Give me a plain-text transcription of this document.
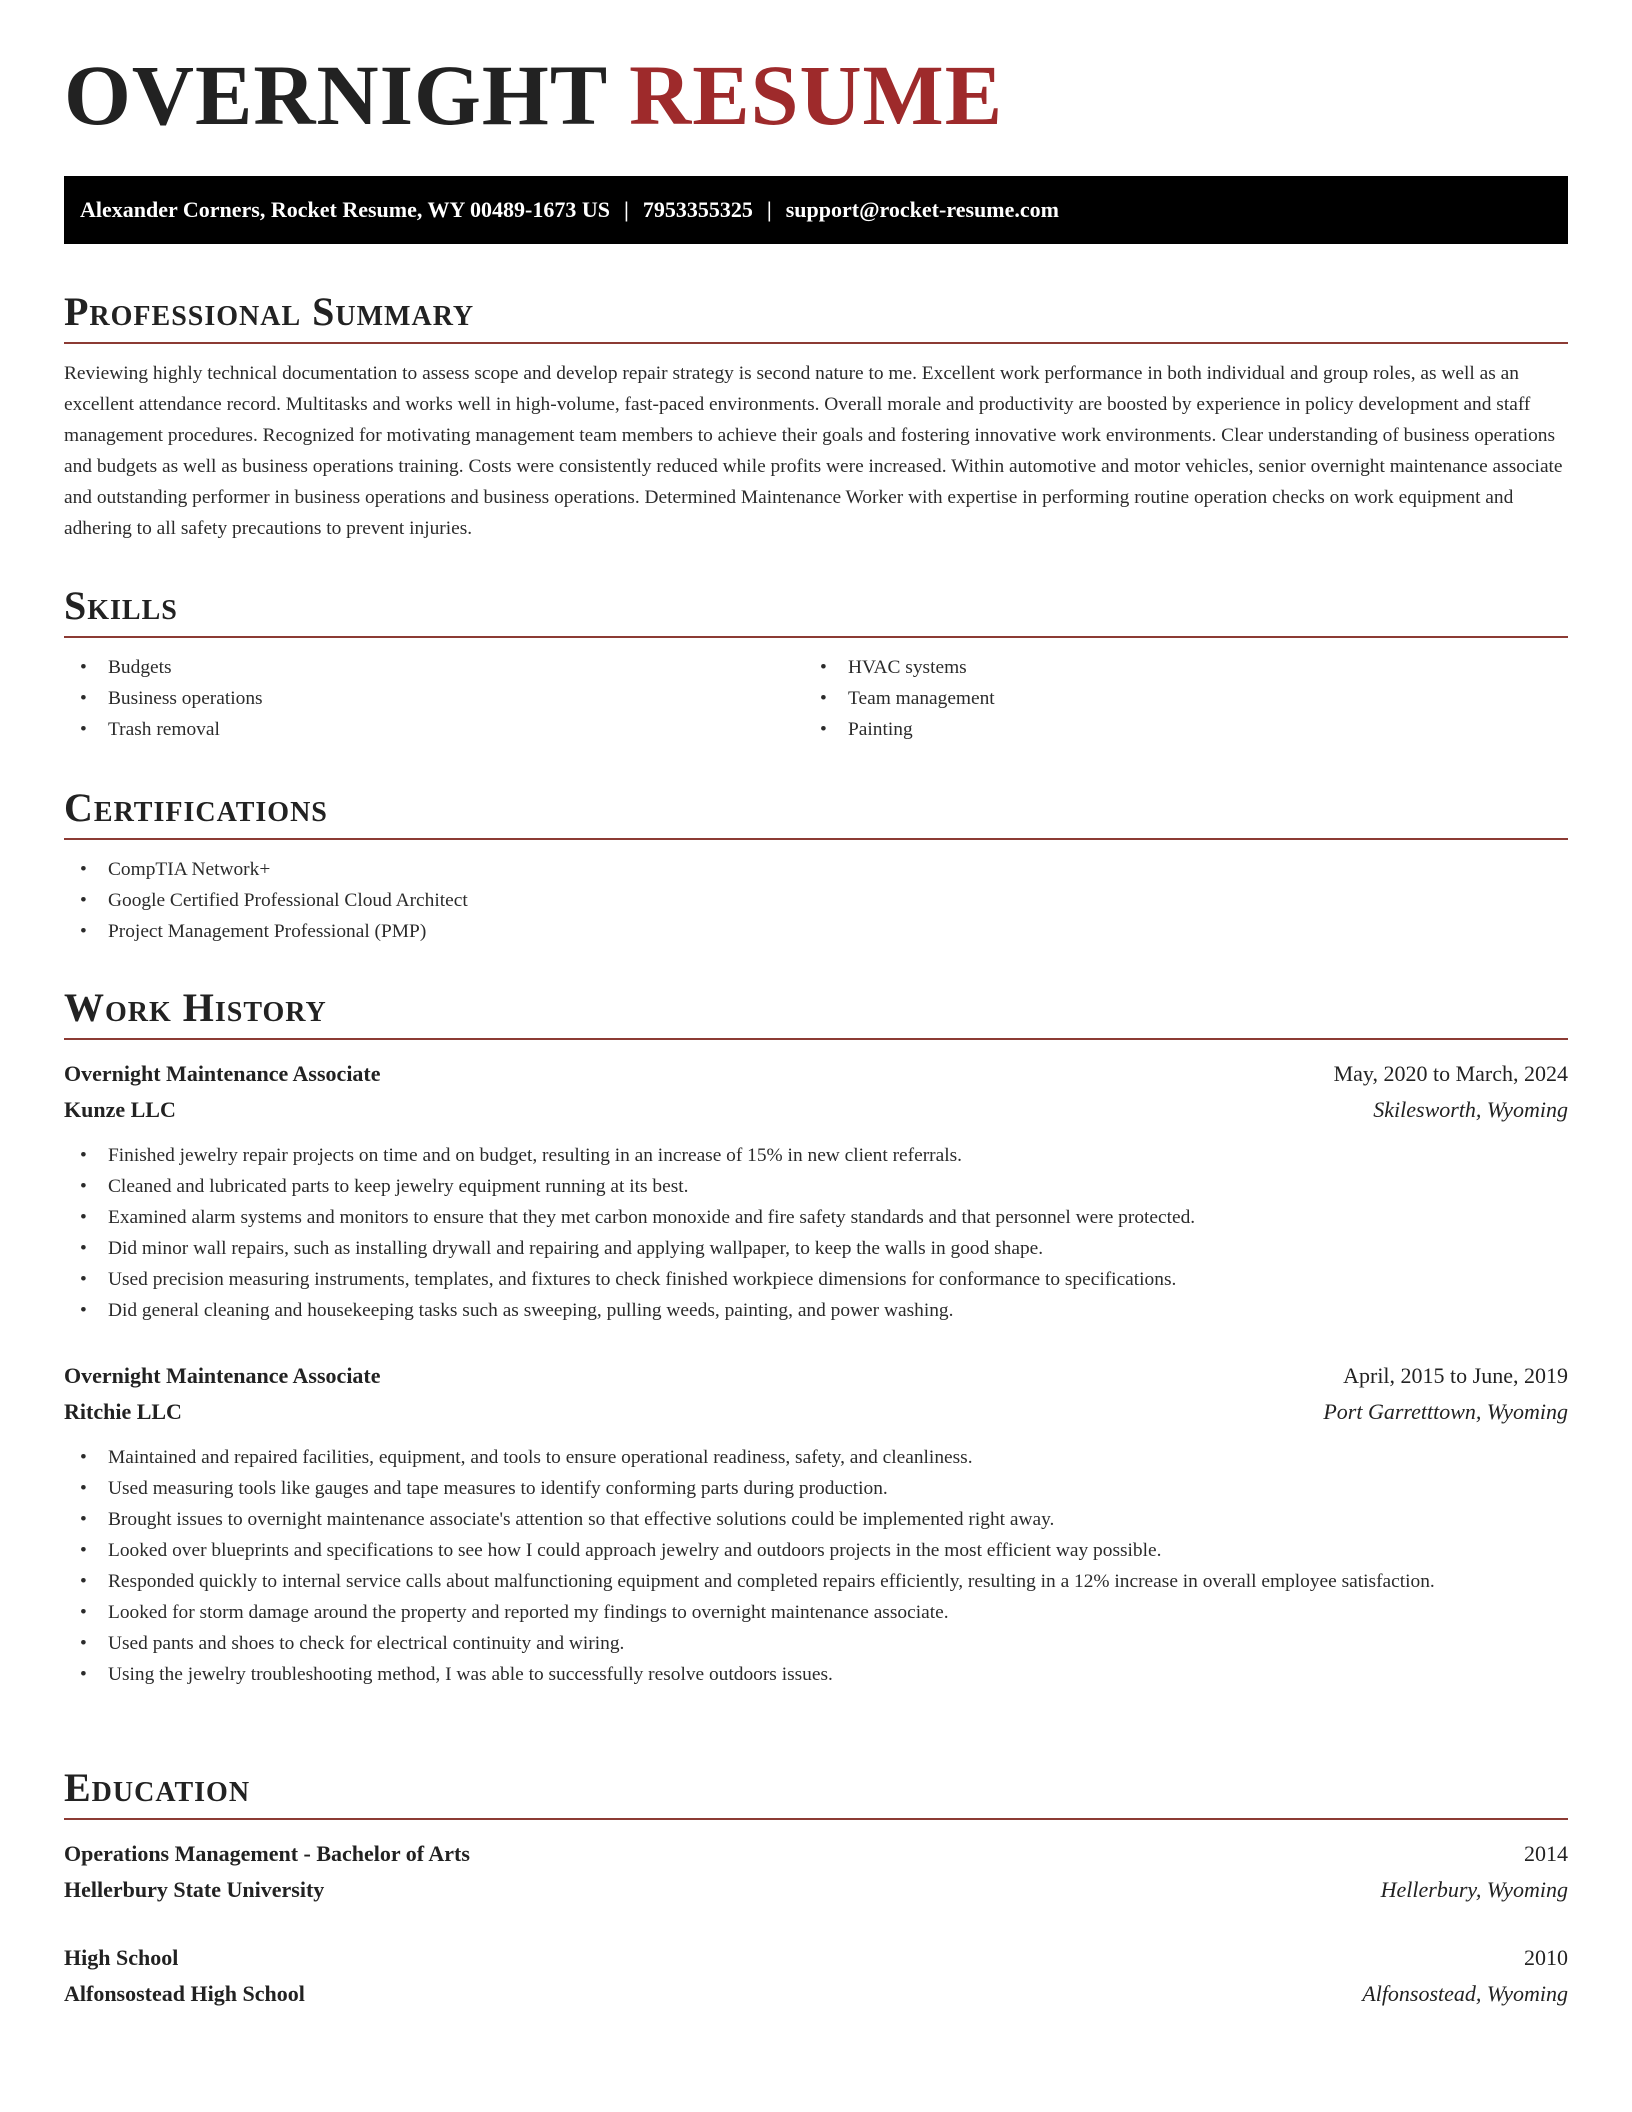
OVERNIGHT RESUME
Alexander Corners, Rocket Resume, WY 00489-1673 US | 7953355325 | support@rocket-resume.com
Professional Summary
Reviewing highly technical documentation to assess scope and develop repair strategy is second nature to me. Excellent work performance in both individual and group roles, as well as an excellent attendance record. Multitasks and works well in high-volume, fast-paced environments. Overall morale and productivity are boosted by experience in policy development and staff management procedures. Recognized for motivating management team members to achieve their goals and fostering innovative work environments. Clear understanding of business operations and budgets as well as business operations training. Costs were consistently reduced while profits were increased. Within automotive and motor vehicles, senior overnight maintenance associate and outstanding performer in business operations and business operations. Determined Maintenance Worker with expertise in performing routine operation checks on work equipment and adhering to all safety precautions to prevent injuries.
Skills
• Budgets
• Business operations
• Trash removal
• HVAC systems
• Team management
• Painting
Certifications
• CompTIA Network+
• Google Certified Professional Cloud Architect
• Project Management Professional (PMP)
Work History
Overnight Maintenance Associate	May, 2020 to March, 2024
Kunze LLC	Skilesworth, Wyoming
• Finished jewelry repair projects on time and on budget, resulting in an increase of 15% in new client referrals.
• Cleaned and lubricated parts to keep jewelry equipment running at its best.
• Examined alarm systems and monitors to ensure that they met carbon monoxide and fire safety standards and that personnel were protected.
• Did minor wall repairs, such as installing drywall and repairing and applying wallpaper, to keep the walls in good shape.
• Used precision measuring instruments, templates, and fixtures to check finished workpiece dimensions for conformance to specifications.
• Did general cleaning and housekeeping tasks such as sweeping, pulling weeds, painting, and power washing.
Overnight Maintenance Associate	April, 2015 to June, 2019
Ritchie LLC	Port Garretttown, Wyoming
• Maintained and repaired facilities, equipment, and tools to ensure operational readiness, safety, and cleanliness.
• Used measuring tools like gauges and tape measures to identify conforming parts during production.
• Brought issues to overnight maintenance associate's attention so that effective solutions could be implemented right away.
• Looked over blueprints and specifications to see how I could approach jewelry and outdoors projects in the most efficient way possible.
• Responded quickly to internal service calls about malfunctioning equipment and completed repairs efficiently, resulting in a 12% increase in overall employee satisfaction.
• Looked for storm damage around the property and reported my findings to overnight maintenance associate.
• Used pants and shoes to check for electrical continuity and wiring.
• Using the jewelry troubleshooting method, I was able to successfully resolve outdoors issues.
Education
Operations Management - Bachelor of Arts	2014
Hellerbury State University	Hellerbury, Wyoming
High School	2010
Alfonsostead High School	Alfonsostead, Wyoming
